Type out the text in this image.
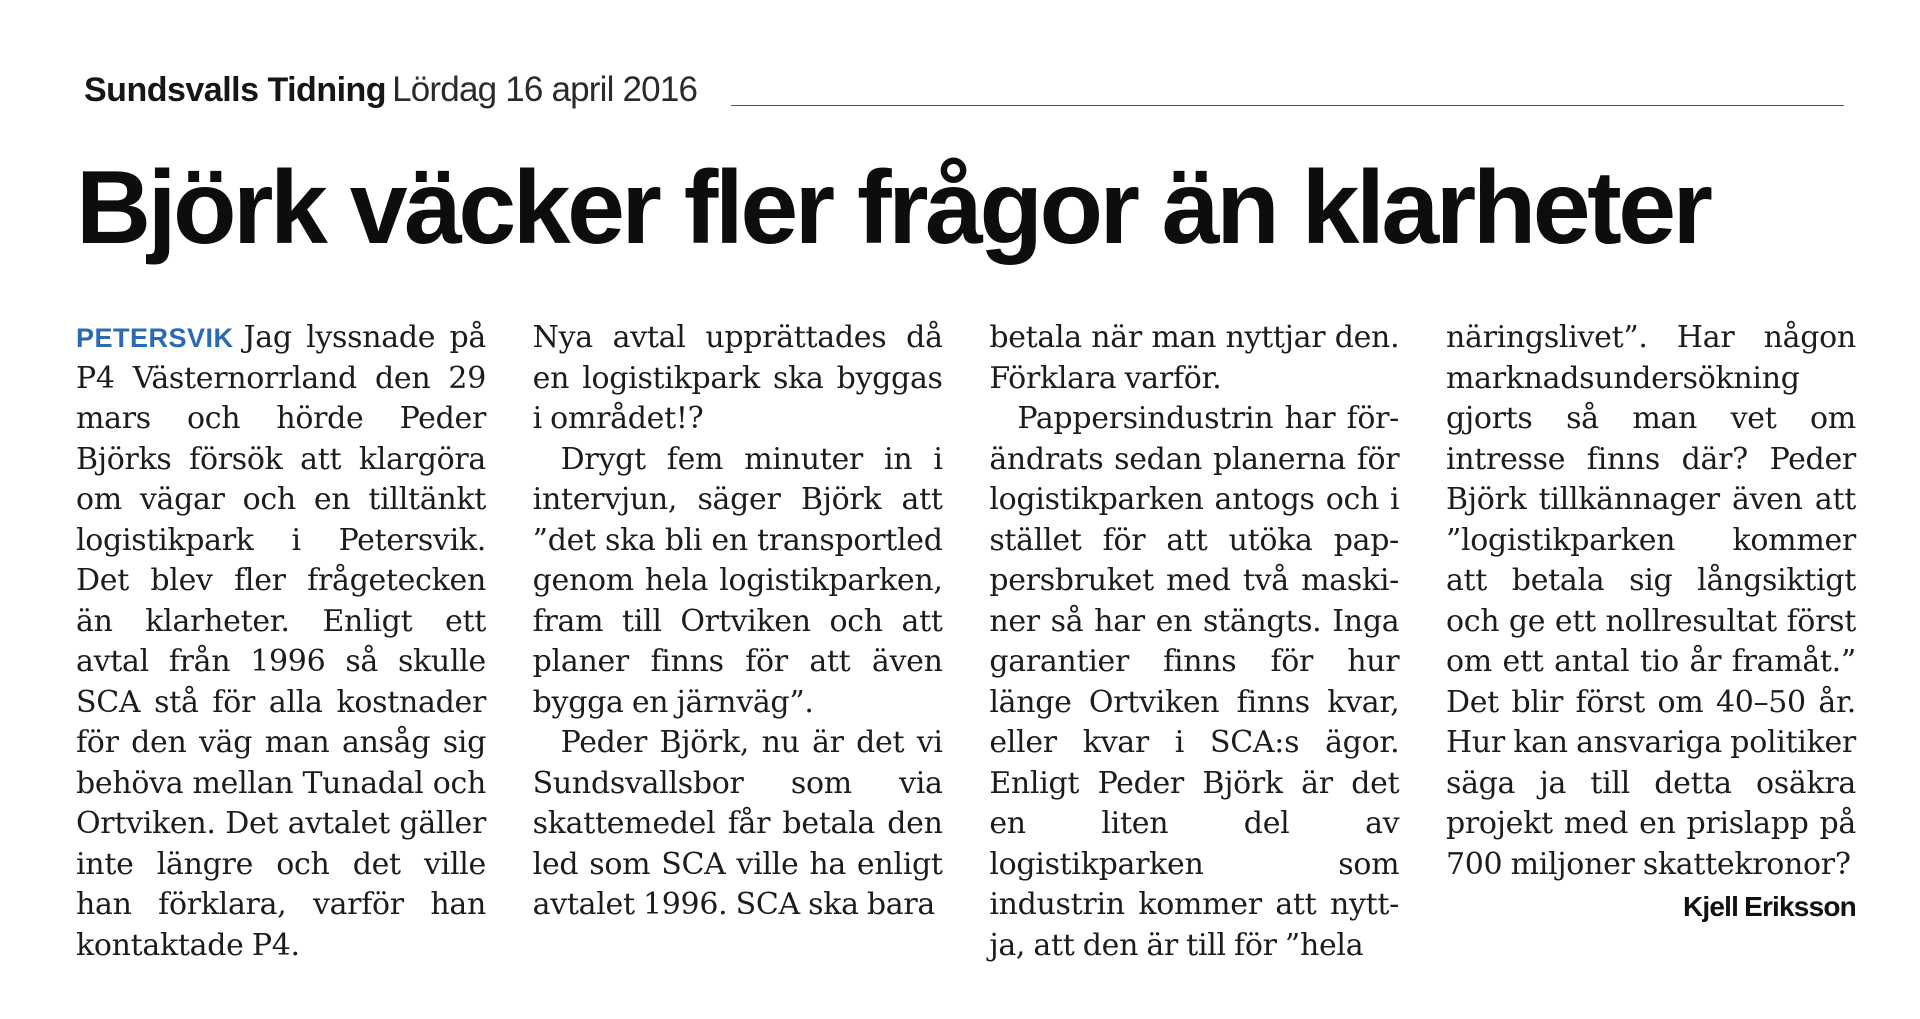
Sundsvalls Tidning Lördag 16 april 2016
Björk väcker fler frågor än klarheter

PETERSVIK Jag lyssnade på P4 Västernorrland den 29 mars och hörde Peder Björks försök att klargöra om vägar och en tilltänkt logistikpark i Petersvik. Det blev fler frågetecken än klarheter. Enligt ett avtal från 1996 så skulle SCA stå för alla kostnader för den väg man ansåg sig behöva mellan Tunadal och Ortviken. Det avtalet gäller inte längre och det ville han förklara, varför han kontaktade P4.

Nya avtal upprättades då en logistikpark ska byggas i området!?

Drygt fem minuter in i intervjun, säger Björk att ”det ska bli en transportled genom hela logistikparken, fram till Ortviken och att planer finns för att även bygga en järnväg”.

Peder Björk, nu är det vi Sundsvallsbor som via skattemedel får betala den led som SCA ville ha enligt avtalet 1996. SCA ska bara

betala när man nyttjar den. Förklara varför.

Pappersindustrin har förändrats sedan planerna för logistikparken antogs och i stället för att utöka pappersbruket med två maskiner så har en stängts. Inga garantier finns för hur länge Ortviken finns kvar, eller kvar i SCA:s ägor. Enligt Peder Björk är det en liten del av logistikparken som industrin kommer att nyttja, att den är till för ”hela

näringslivet”. Har någon marknadsundersökning gjorts så man vet om intresse finns där? Peder Björk tillkännager även att ”logistikparken kommer att betala sig långsiktigt och ge ett nollresultat först om ett antal tio år framåt.” Det blir först om 40–50 år. Hur kan ansvariga politiker säga ja till detta osäkra projekt med en prislapp på 700 miljoner skattekronor?

Kjell Eriksson
